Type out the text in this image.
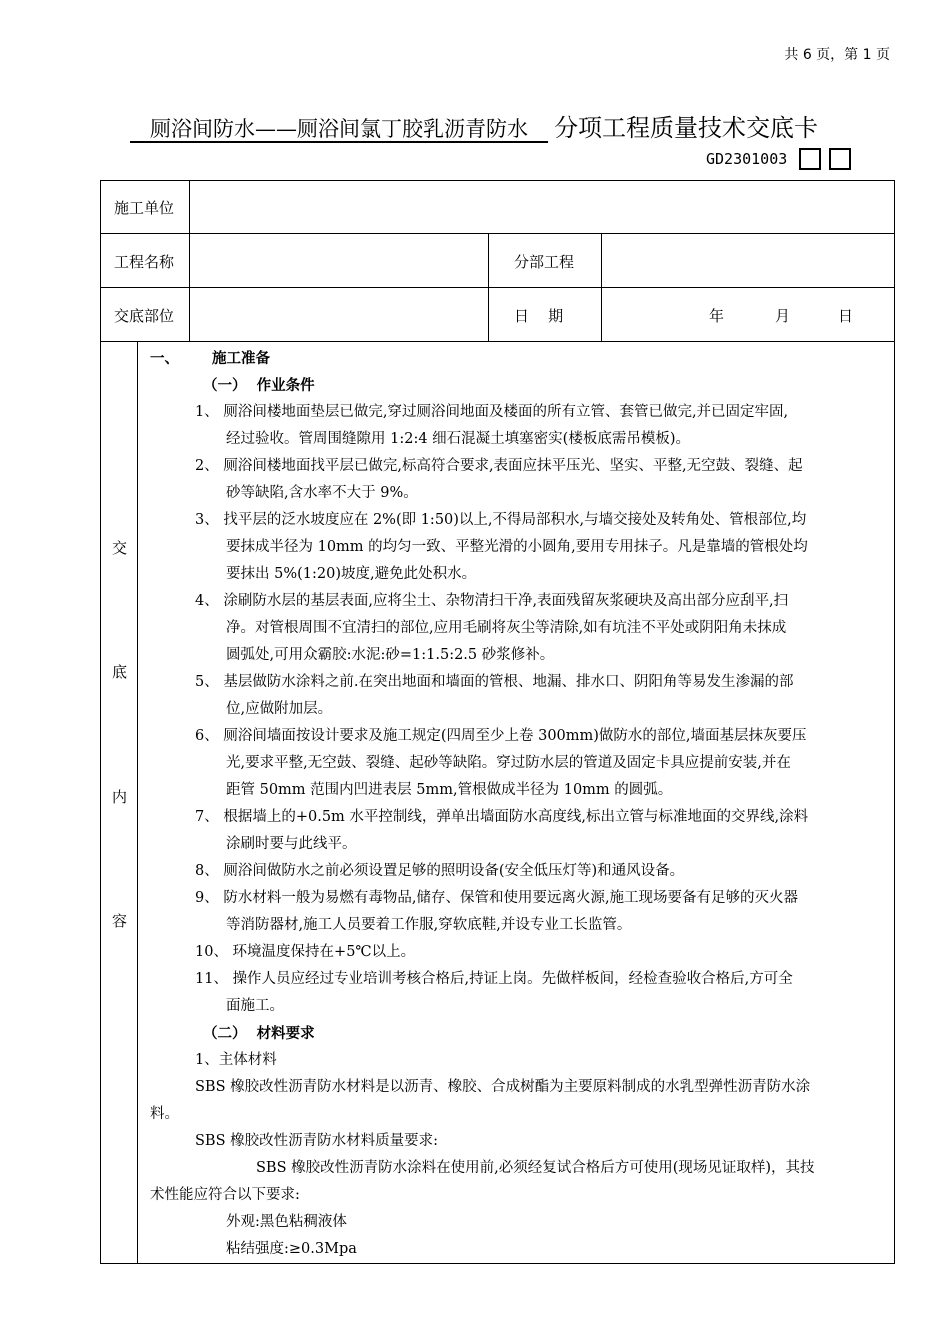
共 6 页，第 1 页
厕浴间防水——厕浴间氯丁胶乳沥青防水   分项工程质量技术交底卡
GD2301003
施工单位
工程名称	分部工程
交底部位	日    期	年	月	日
交
底
内
容
一、 施工准备
（一）  作业条件
1、 厕浴间楼地面垫层已做完,穿过厕浴间地面及楼面的所有立管、套管已做完,并已固定牢固,
经过验收。管周围缝隙用 1:2:4 细石混凝土填塞密实(楼板底需吊模板)。
2、 厕浴间楼地面找平层已做完,标高符合要求,表面应抹平压光、坚实、平整,无空鼓、裂缝、起
砂等缺陷,含水率不大于 9%。
3、 找平层的泛水坡度应在 2%(即 1:50)以上,不得局部积水,与墙交接处及转角处、管根部位,均
要抹成半径为 10mm 的均匀一致、平整光滑的小圆角,要用专用抹子。凡是靠墙的管根处均
要抹出 5%(1:20)坡度,避免此处积水。
4、 涂刷防水层的基层表面,应将尘土、杂物清扫干净,表面残留灰浆硬块及高出部分应刮平,扫
净。对管根周围不宜清扫的部位,应用毛刷将灰尘等清除,如有坑洼不平处或阴阳角未抹成
圆弧处,可用众霸胶:水泥:砂=1:1.5:2.5 砂浆修补。
5、 基层做防水涂料之前.在突出地面和墙面的管根、地漏、排水口、阴阳角等易发生渗漏的部
位,应做附加层。
6、 厕浴间墙面按设计要求及施工规定(四周至少上卷 300mm)做防水的部位,墙面基层抹灰要压
光,要求平整,无空鼓、裂缝、起砂等缺陷。穿过防水层的管道及固定卡具应提前安装,并在
距管 50mm 范围内凹进表层 5mm,管根做成半径为 10mm 的圆弧。
7、 根据墙上的+0.5m 水平控制线，弹单出墙面防水高度线,标出立管与标准地面的交界线,涂料
涂刷时要与此线平。
8、 厕浴间做防水之前必须设置足够的照明设备(安全低压灯等)和通风设备。
9、 防水材料一般为易燃有毒物品,储存、保管和使用要远离火源,施工现场要备有足够的灭火器
等消防器材,施工人员要着工作服,穿软底鞋,并设专业工长监管。
10、 环境温度保持在+5℃以上。
11、 操作人员应经过专业培训考核合格后,持证上岗。先做样板间，经检查验收合格后,方可全
面施工。
（二）  材料要求
1、主体材料
SBS 橡胶改性沥青防水材料是以沥青、橡胶、合成树酯为主要原料制成的水乳型弹性沥青防水涂
料。
SBS 橡胶改性沥青防水材料质量要求:
SBS 橡胶改性沥青防水涂料在使用前,必须经复试合格后方可使用(现场见证取样)，其技
术性能应符合以下要求:
外观:黑色粘稠液体
粘结强度:≥0.3Mpa
